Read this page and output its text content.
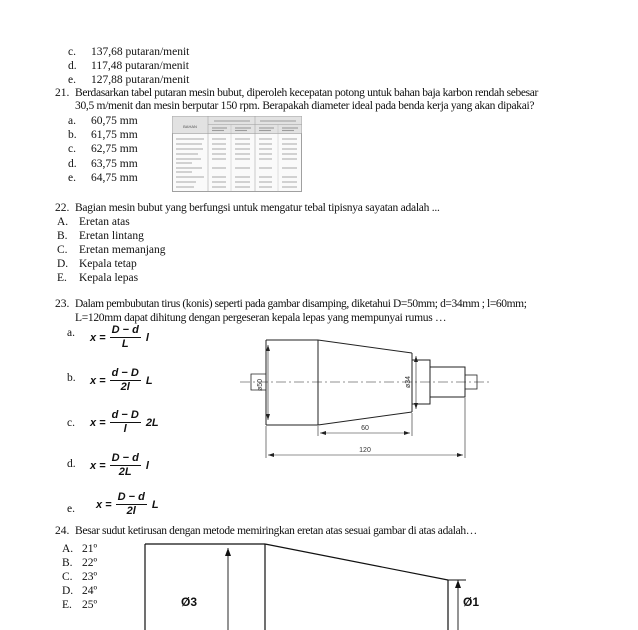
c. 137,68 putaran/menit
d. 117,48 putaran/menit
e. 127,88 putaran/menit
21. Berdasarkan tabel putaran mesin bubut, diperoleh kecepatan potong untuk bahan baja karbon rendah sebesar
30,5 m/menit dan mesin berputar 150 rpm. Berapakah diameter ideal pada benda kerja yang akan dipakai?
a. 60,75 mm
b. 61,75 mm
c. 62,75 mm
d. 63,75 mm
e. 64,75 mm
BAHAN
22. Bagian mesin bubut yang berfungsi untuk mengatur tebal tipisnya sayatan adalah ...
A. Eretan atas
B. Eretan lintang
C. Eretan memanjang
D. Kepala tetap
E. Kepala lepas
23. Dalam pembubutan tirus (konis) seperti pada gambar disamping, diketahui D=50mm; d=34mm ; l=60mm;
L=120mm dapat dihitung dengan pergeseran kepala lepas yang mempunyai rumus …
a. $x = \frac{D - d}{L}$ l
b. $x = \frac{d - D}{2l}$ L
c. $x = \frac{d - D}{l} 2L$
d. $x = \frac{D - d}{2L}$ l
e. $x = \frac{D - d}{2l}$ L
ø50	ø34
60
120
24. Besar sudut ketirusan dengan metode memiringkan eretan atas sesuai gambar di atas adalah…
A. 21º
B. 22º
C. 23º
D. 24º
E. 25º	Ø3	Ø1
